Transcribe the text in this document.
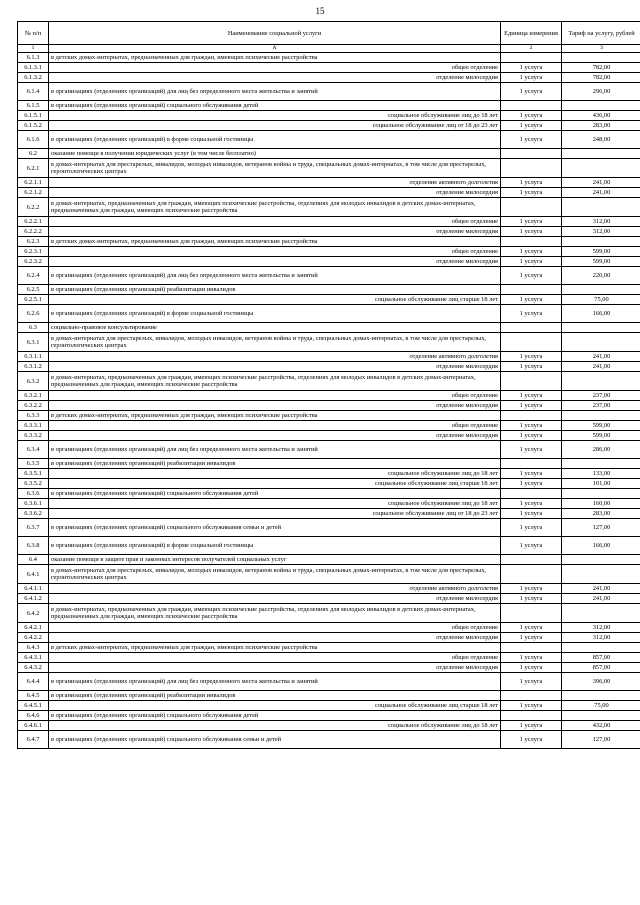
15
№ п/п	Наименование социальной услуги	Единица измерения	Тариф на услугу, рублей
1	А	2	3
6.1.3	в детских домах-интернатах, предназначенных для граждан, имеющих психические расстройства		
6.1.3.1	общее отделение	1 услуга	782,00
6.1.3.2	отделение милосердия	1 услуга	782,00
6.1.4	в организациях (отделениях организаций) для лиц без определенного места жительства и занятий	1 услуга	296,00
6.1.5	в организациях (отделениях организаций) социального обслуживания детей		
6.1.5.1	социальное обслуживание лиц до 18 лет	1 услуга	436,00
6.1.5.2	социальное обслуживание лиц от 18 до 23 лет	1 услуга	283,00
6.1.6	в организациях (отделениях организаций) в форме социальной гостиницы	1 услуга	248,00
6.2	оказание помощи в получении юридических услуг (в том числе бесплатно)		
6.2.1	в домах-интернатах для престарелых, инвалидов, молодых инвалидов, ветеранов войны и труда, специальных домах-интернатах, в том числе для престарелых, геронтологических центрах		
6.2.1.1	отделение активного долголетия	1 услуга	241,00
6.2.1.2	отделение милосердия	1 услуга	241,00
6.2.2	в домах-интернатах, предназначенных для граждан, имеющих психические расстройства, отделениях для молодых инвалидов в детских домах-интернатах, предназначенных для граждан, имеющих психические расстройства		
6.2.2.1	общее отделение	1 услуга	312,00
6.2.2.2	отделение милосердия	1 услуга	312,00
6.2.3	в детских домах-интернатах, предназначенных для граждан, имеющих психические расстройства		
6.2.3.1	общее отделение	1 услуга	599,00
6.2.3.2	отделение милосердия	1 услуга	599,00
6.2.4	в организациях (отделениях организаций) для лиц без определенного места жительства и занятий	1 услуга	220,00
6.2.5	в организациях (отделениях организаций) реабилитации инвалидов		
6.2.5.1	социальное обслуживание лиц старше 18 лет	1 услуга	75,00
6.2.6	в организациях (отделениях организаций) в форме социальной гостиницы	1 услуга	166,00
6.3	социально-правовое консультирование		
6.3.1	в домах-интернатах для престарелых, инвалидов, молодых инвалидов, ветеранов войны и труда, специальных домах-интернатах, в том числе для престарелых, геронтологических центрах		
6.3.1.1	отделение активного долголетия	1 услуга	241,00
6.3.1.2	отделение милосердия	1 услуга	241,00
6.3.2	в домах-интернатах, предназначенных для граждан, имеющих психические расстройства, отделениях для молодых инвалидов в детских домах-интернатах, предназначенных для граждан, имеющих психические расстройства		
6.3.2.1	общее отделение	1 услуга	237,00
6.3.2.2	отделение милосердия	1 услуга	237,00
6.3.3	в детских домах-интернатах, предназначенных для граждан, имеющих психические расстройства		
6.3.3.1	общее отделение	1 услуга	599,00
6.3.3.2	отделение милосердия	1 услуга	599,00
6.3.4	в организациях (отделениях организаций) для лиц без определенного места жительства и занятий	1 услуга	286,00
6.3.5	в организациях (отделениях организаций) реабилитации инвалидов		
6.3.5.1	социальное обслуживание лиц до 18 лет	1 услуга	133,00
6.3.5.2	социальное обслуживание лиц старше 18 лет	1 услуга	101,00
6.3.6	в организациях (отделениях организаций) социального обслуживания детей		
6.3.6.1	социальное обслуживание лиц до 18 лет	1 услуга	160,00
6.3.6.2	социальное обслуживание лиц от 18 до 23 лет	1 услуга	283,00
6.3.7	в организациях (отделениях организаций) социального обслуживания семьи и детей	1 услуга	127,00
6.3.8	в организациях (отделениях организаций) в форме социальной гостиницы	1 услуга	166,00
6.4	оказание помощи в защите прав и законных интересов получателей социальных услуг		
6.4.1	в домах-интернатах для престарелых, инвалидов, молодых инвалидов, ветеранов войны и труда, специальных домах-интернатах, в том числе для престарелых, геронтологических центрах		
6.4.1.1	отделение активного долголетия	1 услуга	241,00
6.4.1.2	отделение милосердия	1 услуга	241,00
6.4.2	в домах-интернатах, предназначенных для граждан, имеющих психические расстройства, отделениях для молодых инвалидов в детских домах-интернатах, предназначенных для граждан, имеющих психические расстройства		
6.4.2.1	общее отделение	1 услуга	312,00
6.4.2.2	отделение милосердия	1 услуга	312,00
6.4.3	в детских домах-интернатах, предназначенных для граждан, имеющих психические расстройства		
6.4.3.1	общее отделение	1 услуга	857,00
6.4.3.2	отделение милосердия	1 услуга	857,00
6.4.4	в организациях (отделениях организаций) для лиц без определенного места жительства и занятий	1 услуга	396,00
6.4.5	в организациях (отделениях организаций) реабилитации инвалидов		
6.4.5.1	социальное обслуживание лиц старше 18 лет	1 услуга	75,00
6.4.6	в организациях (отделениях организаций) социального обслуживания детей		
6.4.6.1	социальное обслуживание лиц до 18 лет	1 услуга	432,00
6.4.7	в организациях (отделениях организаций) социального обслуживания семьи и детей	1 услуга	127,00
